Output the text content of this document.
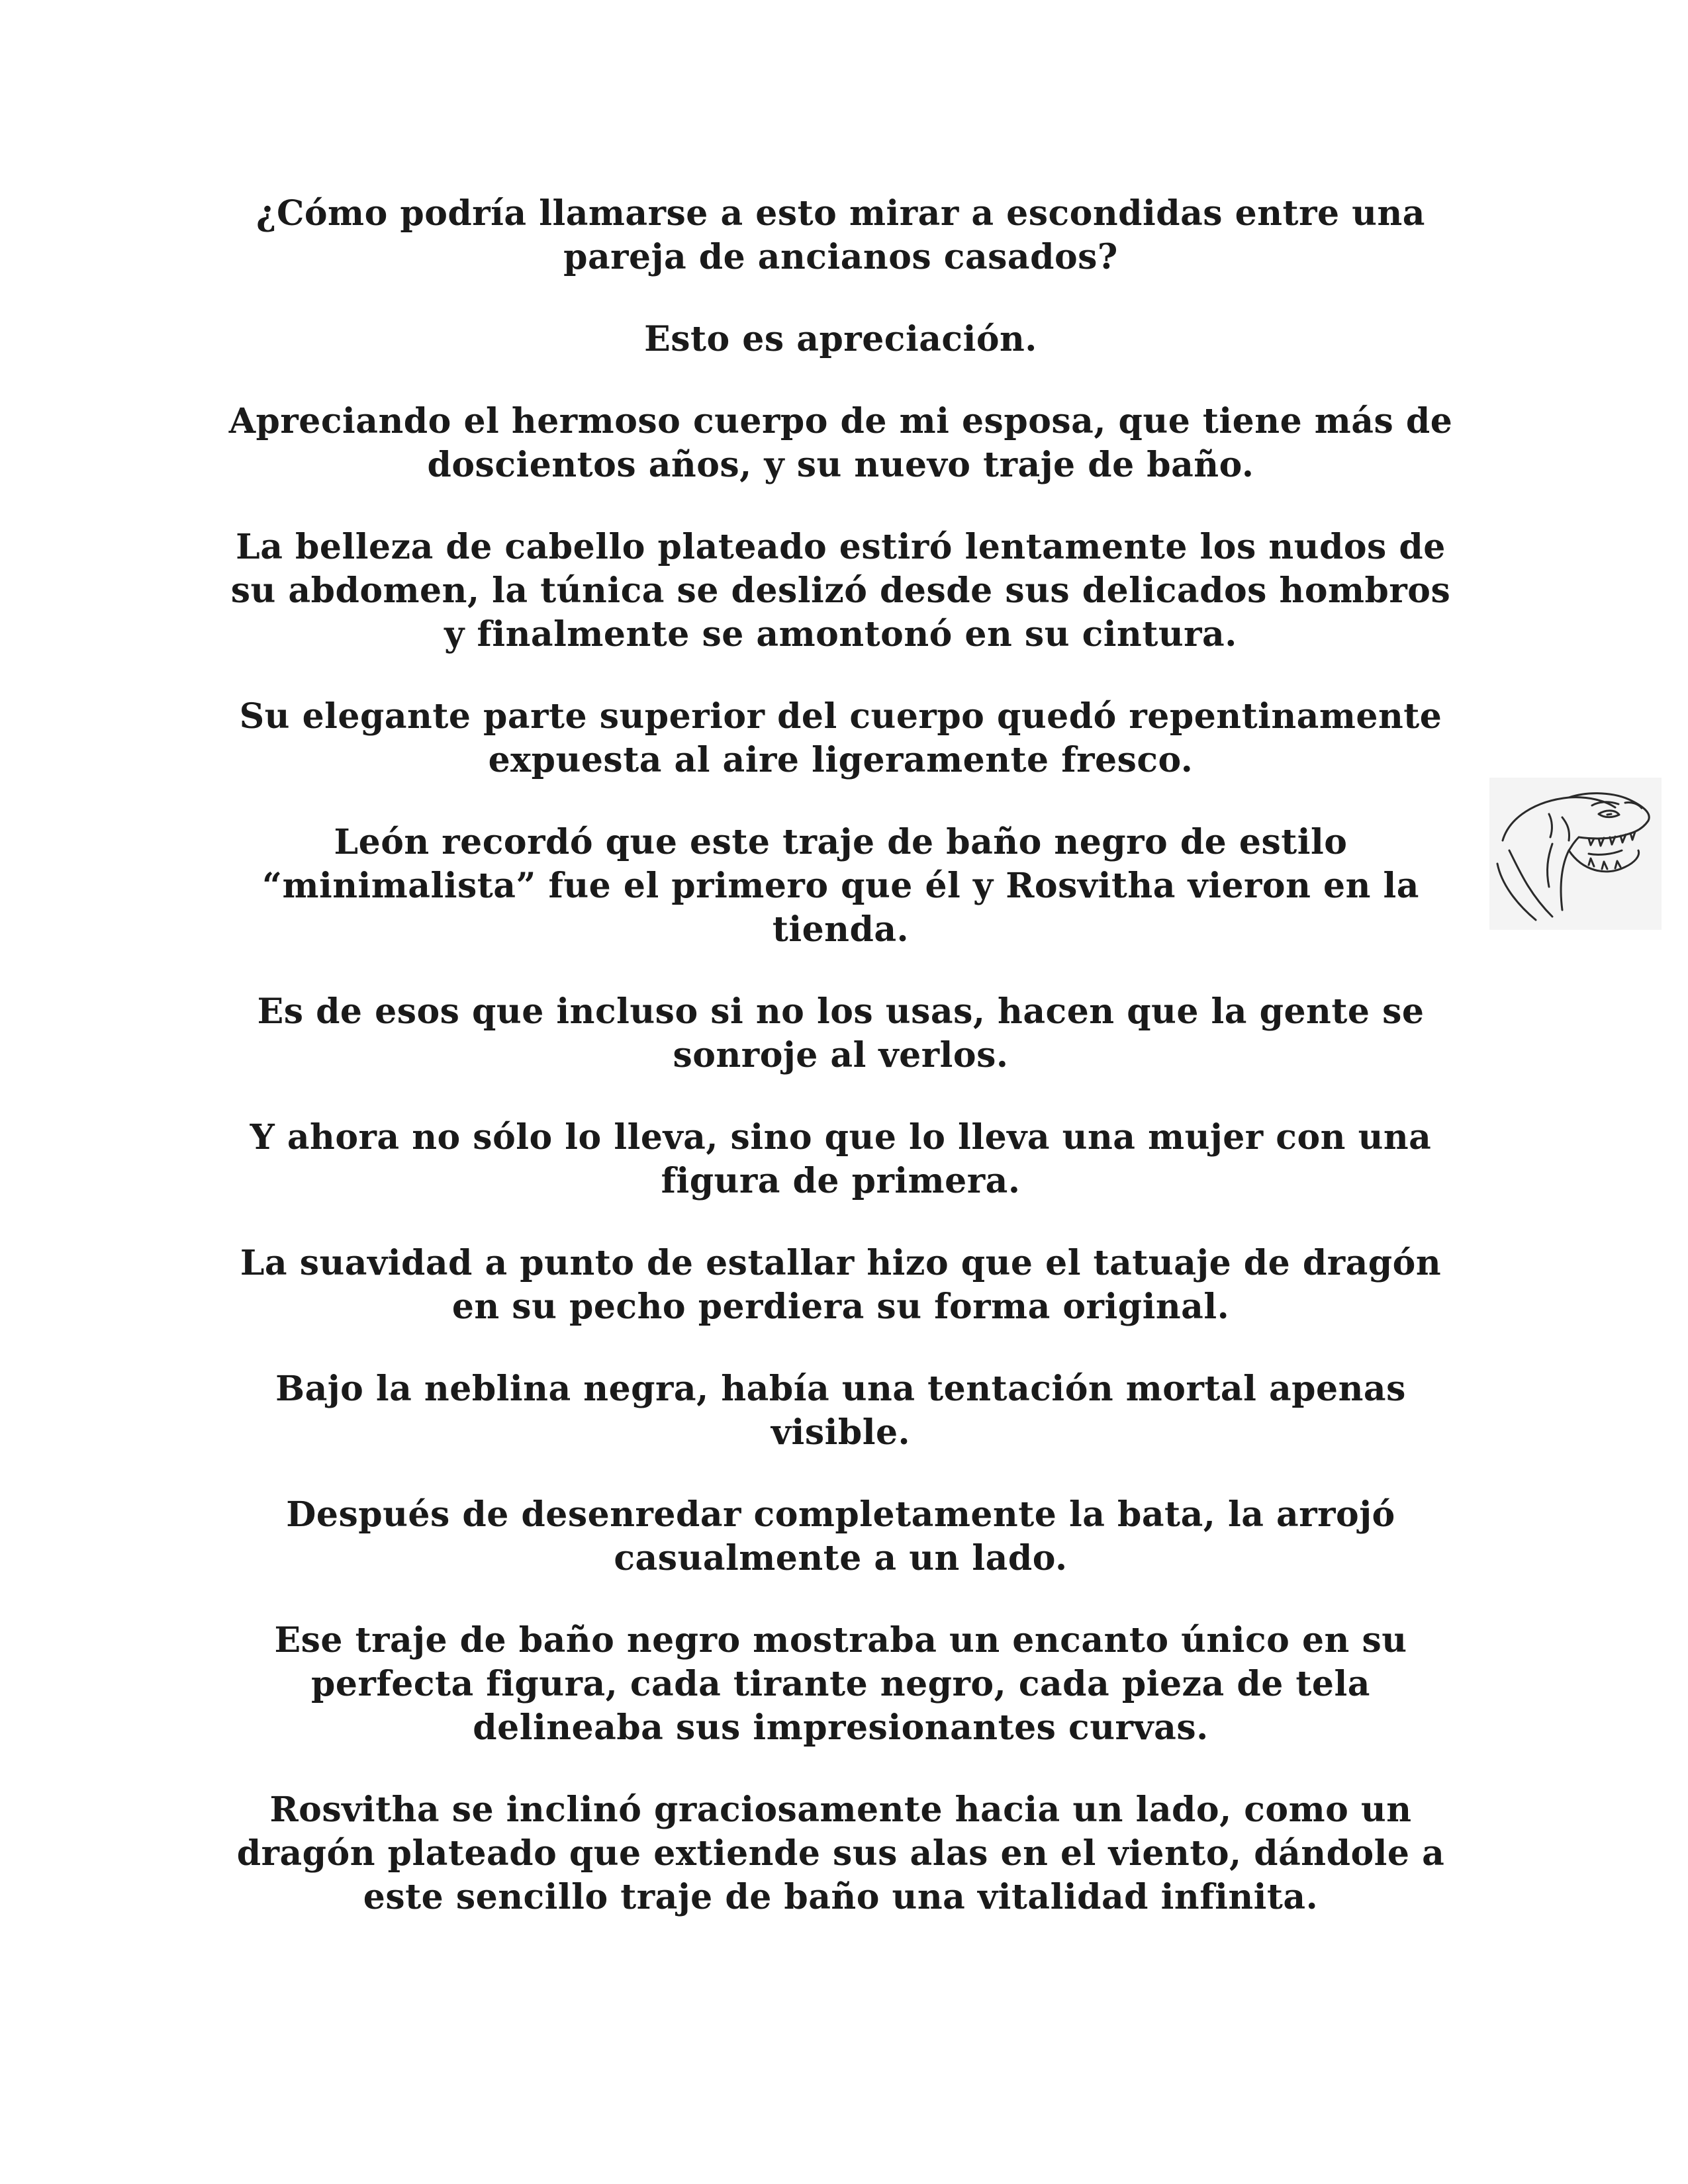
¿Cómo podría llamarse a esto mirar a escondidas entre una pareja de ancianos casados?

Esto es apreciación.

Apreciando el hermoso cuerpo de mi esposa, que tiene más de doscientos años, y su nuevo traje de baño.

La belleza de cabello plateado estiró lentamente los nudos de su abdomen, la túnica se deslizó desde sus delicados hombros y finalmente se amontonó en su cintura.

Su elegante parte superior del cuerpo quedó repentinamente expuesta al aire ligeramente fresco.

León recordó que este traje de baño negro de estilo “minimalista” fue el primero que él y Rosvitha vieron en la tienda.

Es de esos que incluso si no los usas, hacen que la gente se sonroje al verlos.

Y ahora no sólo lo lleva, sino que lo lleva una mujer con una figura de primera.

La suavidad a punto de estallar hizo que el tatuaje de dragón en su pecho perdiera su forma original.

Bajo la neblina negra, había una tentación mortal apenas visible.

Después de desenredar completamente la bata, la arrojó casualmente a un lado.

Ese traje de baño negro mostraba un encanto único en su perfecta figura, cada tirante negro, cada pieza de tela delineaba sus impresionantes curvas.

Rosvitha se inclinó graciosamente hacia un lado, como un dragón plateado que extiende sus alas en el viento, dándole a este sencillo traje de baño una vitalidad infinita.
